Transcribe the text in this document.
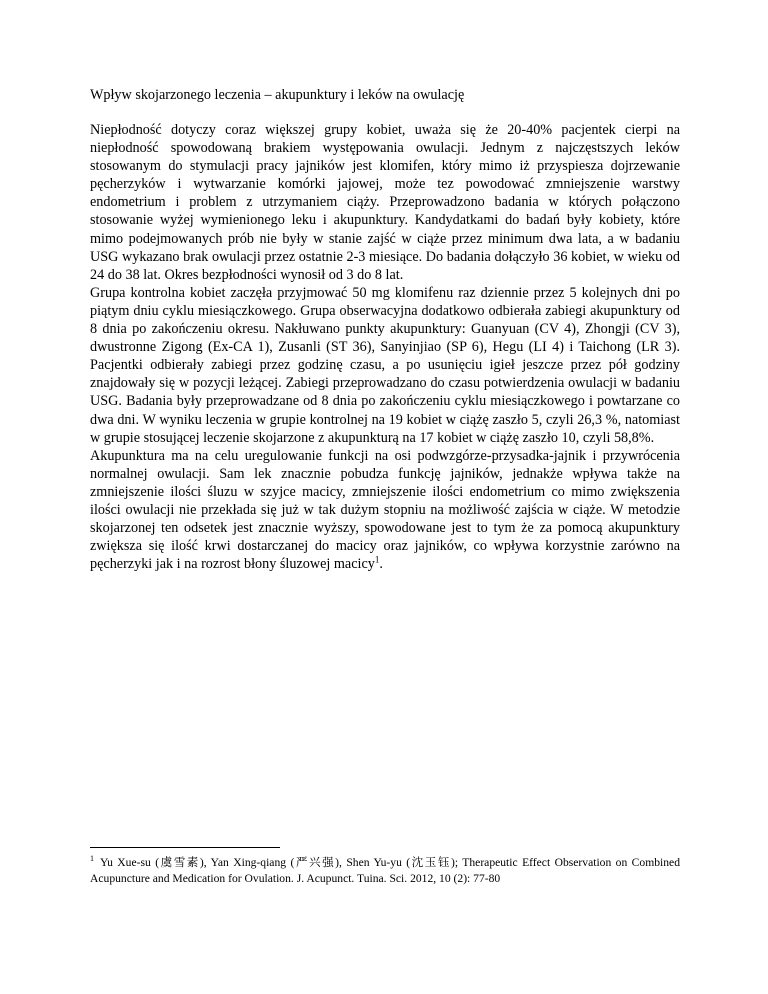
Wpływ skojarzonego leczenia – akupunktury i leków na owulację

Niepłodność dotyczy coraz większej grupy kobiet, uważa się że 20-40% pacjentek cierpi na niepłodność spowodowaną brakiem występowania owulacji. Jednym z najczęstszych leków stosowanym do stymulacji pracy jajników jest klomifen, który mimo iż przyspiesza dojrzewanie pęcherzyków i wytwarzanie komórki jajowej, może tez powodować zmniejszenie warstwy endometrium i problem z utrzymaniem ciąży. Przeprowadzono badania w których połączono stosowanie wyżej wymienionego leku i akupunktury. Kandydatkami do badań były kobiety, które mimo podejmowanych prób nie były w stanie zajść w ciąże przez minimum dwa lata, a w badaniu USG wykazano brak owulacji przez ostatnie 2-3 miesiące. Do badania dołączyło 36 kobiet, w wieku od 24 do 38 lat. Okres bezpłodności wynosił od 3 do 8 lat.

Grupa kontrolna kobiet zaczęła przyjmować 50 mg klomifenu raz dziennie przez 5 kolejnych dni po piątym dniu cyklu miesiączkowego. Grupa obserwacyjna dodatkowo odbierała zabiegi akupunktury od 8 dnia po zakończeniu okresu. Nakłuwano punkty akupunktury: Guanyuan (CV 4), Zhongji (CV 3), dwustronne Zigong (Ex-CA 1), Zusanli (ST 36), Sanyinjiao (SP 6), Hegu (LI 4) i Taichong (LR 3). Pacjentki odbierały zabiegi przez godzinę czasu, a po usunięciu igieł jeszcze przez pół godziny znajdowały się w pozycji leżącej. Zabiegi przeprowadzano do czasu potwierdzenia owulacji w badaniu USG. Badania były przeprowadzane od 8 dnia po zakończeniu cyklu miesiączkowego i powtarzane co dwa dni. W wyniku leczenia w grupie kontrolnej na 19 kobiet w ciążę zaszło 5, czyli 26,3 %, natomiast w grupie stosującej leczenie skojarzone z akupunkturą na 17 kobiet w ciążę zaszło 10, czyli 58,8%.

Akupunktura ma na celu uregulowanie funkcji na osi podwzgórze-przysadka-jajnik i przywrócenia normalnej owulacji. Sam lek znacznie pobudza funkcję jajników, jednakże wpływa także na zmniejszenie ilości śluzu w szyjce macicy, zmniejszenie ilości endometrium co mimo zwiększenia ilości owulacji nie przekłada się już w tak dużym stopniu na możliwość zajścia w ciąże. W metodzie skojarzonej ten odsetek jest znacznie wyższy, spowodowane jest to tym że za pomocą akupunktury zwiększa się ilość krwi dostarczanej do macicy oraz jajników, co wpływa korzystnie zarówno na pęcherzyki jak i na rozrost błony śluzowej macicy$^1$.

$^1$ Yu Xue-su (虞雪素), Yan Xing-qiang (严兴强), Shen Yu-yu (沈玉钰); Therapeutic Effect Observation on Combined Acupuncture and Medication for Ovulation. J. Acupunct. Tuina. Sci. 2012, 10 (2): 77-80
